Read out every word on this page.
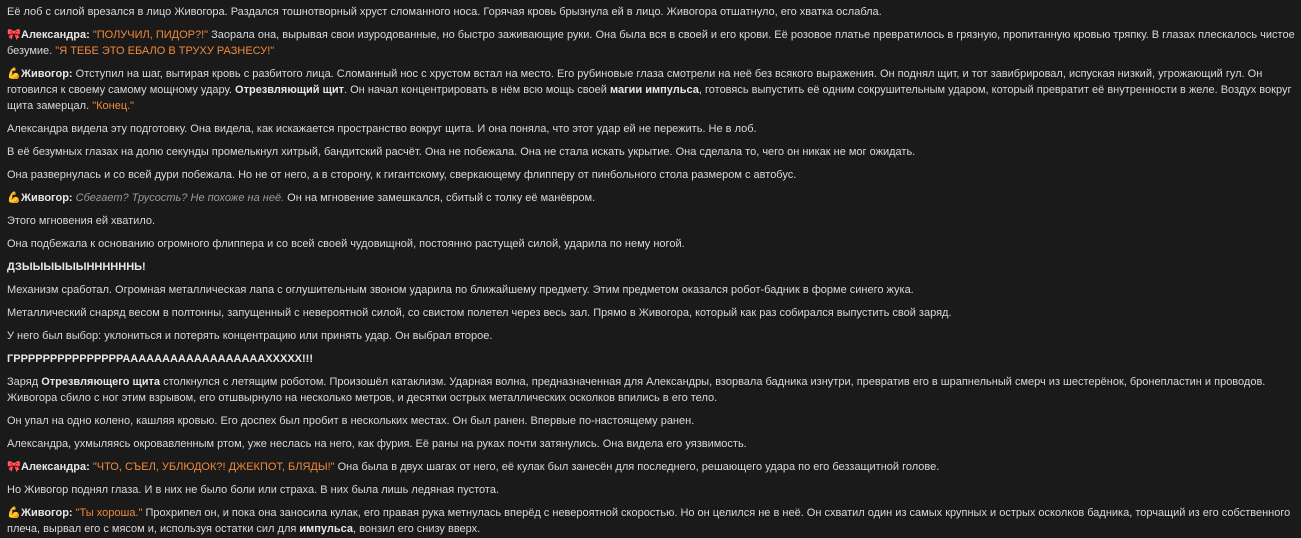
Её лоб с силой врезался в лицо Живогора. Раздался тошнотворный хруст сломанного носа. Горячая кровь брызнула ей в лицо. Живогора отшатнуло, его хватка ослабла.

🎀Александра: "ПОЛУЧИЛ, ПИДОР?!" Заорала она, вырывая свои изуродованные, но быстро заживающие руки. Она была вся в своей и его крови. Её розовое платье превратилось в грязную, пропитанную кровью тряпку. В глазах плескалось чистое безумие. "Я ТЕБЕ ЭТО ЕБАЛО В ТРУХУ РАЗНЕСУ!"

💪Живогор: Отступил на шаг, вытирая кровь с разбитого лица. Сломанный нос с хрустом встал на место. Его рубиновые глаза смотрели на неё без всякого выражения. Он поднял щит, и тот завибрировал, испуская низкий, угрожающий гул. Он готовился к своему самому мощному удару. Отрезвляющий щит. Он начал концентрировать в нём всю мощь своей магии импульса, готовясь выпустить её одним сокрушительным ударом, который превратит её внутренности в желе. Воздух вокруг щита замерцал. "Конец."

Александра видела эту подготовку. Она видела, как искажается пространство вокруг щита. И она поняла, что этот удар ей не пережить. Не в лоб.

В её безумных глазах на долю секунды промелькнул хитрый, бандитский расчёт. Она не побежала. Она не стала искать укрытие. Она сделала то, чего он никак не мог ожидать.

Она развернулась и со всей дури побежала. Но не от него, а в сторону, к гигантскому, сверкающему флипперу от пинбольного стола размером с автобус.

💪Живогор: Сбегает? Трусость? Не похоже на неё. Он на мгновение замешкался, сбитый с толку её манёвром.

Этого мгновения ей хватило.

Она подбежала к основанию огромного флиппера и со всей своей чудовищной, постоянно растущей силой, ударила по нему ногой.

ДЗЫЫЫЫЫЫННННННЬ!

Механизм сработал. Огромная металлическая лапа с оглушительным звоном ударила по ближайшему предмету. Этим предметом оказался робот-бадник в форме синего жука.

Металлический снаряд весом в полтонны, запущенный с невероятной силой, со свистом полетел через весь зал. Прямо в Живогора, который как раз собирался выпустить свой заряд.

У него был выбор: уклониться и потерять концентрацию или принять удар. Он выбрал второе.

ГРРРРРРРРРРРРРРРААААААААААААААААААХХХХХ!!!

Заряд Отрезвляющего щита столкнулся с летящим роботом. Произошёл катаклизм. Ударная волна, предназначенная для Александры, взорвала бадника изнутри, превратив его в шрапнельный смерч из шестерёнок, бронепластин и проводов. Живогора сбило с ног этим взрывом, его отшвырнуло на несколько метров, и десятки острых металлических осколков впились в его тело.

Он упал на одно колено, кашляя кровью. Его доспех был пробит в нескольких местах. Он был ранен. Впервые по-настоящему ранен.

Александра, ухмыляясь окровавленным ртом, уже неслась на него, как фурия. Её раны на руках почти затянулись. Она видела его уязвимость.

🎀Александра: "ЧТО, СЪЕЛ, УБЛЮДОК?! ДЖЕКПОТ, БЛЯДЫ!" Она была в двух шагах от него, её кулак был занесён для последнего, решающего удара по его беззащитной голове.

Но Живогор поднял глаза. И в них не было боли или страха. В них была лишь ледяная пустота.

💪Живогор: "Ты хороша." Прохрипел он, и пока она заносила кулак, его правая рука метнулась вперёд с невероятной скоростью. Но он целился не в неё. Он схватил один из самых крупных и острых осколков бадника, торчащий из его собственного плеча, вырвал его с мясом и, используя остатки сил для импульса, вонзил его снизу вверх.
